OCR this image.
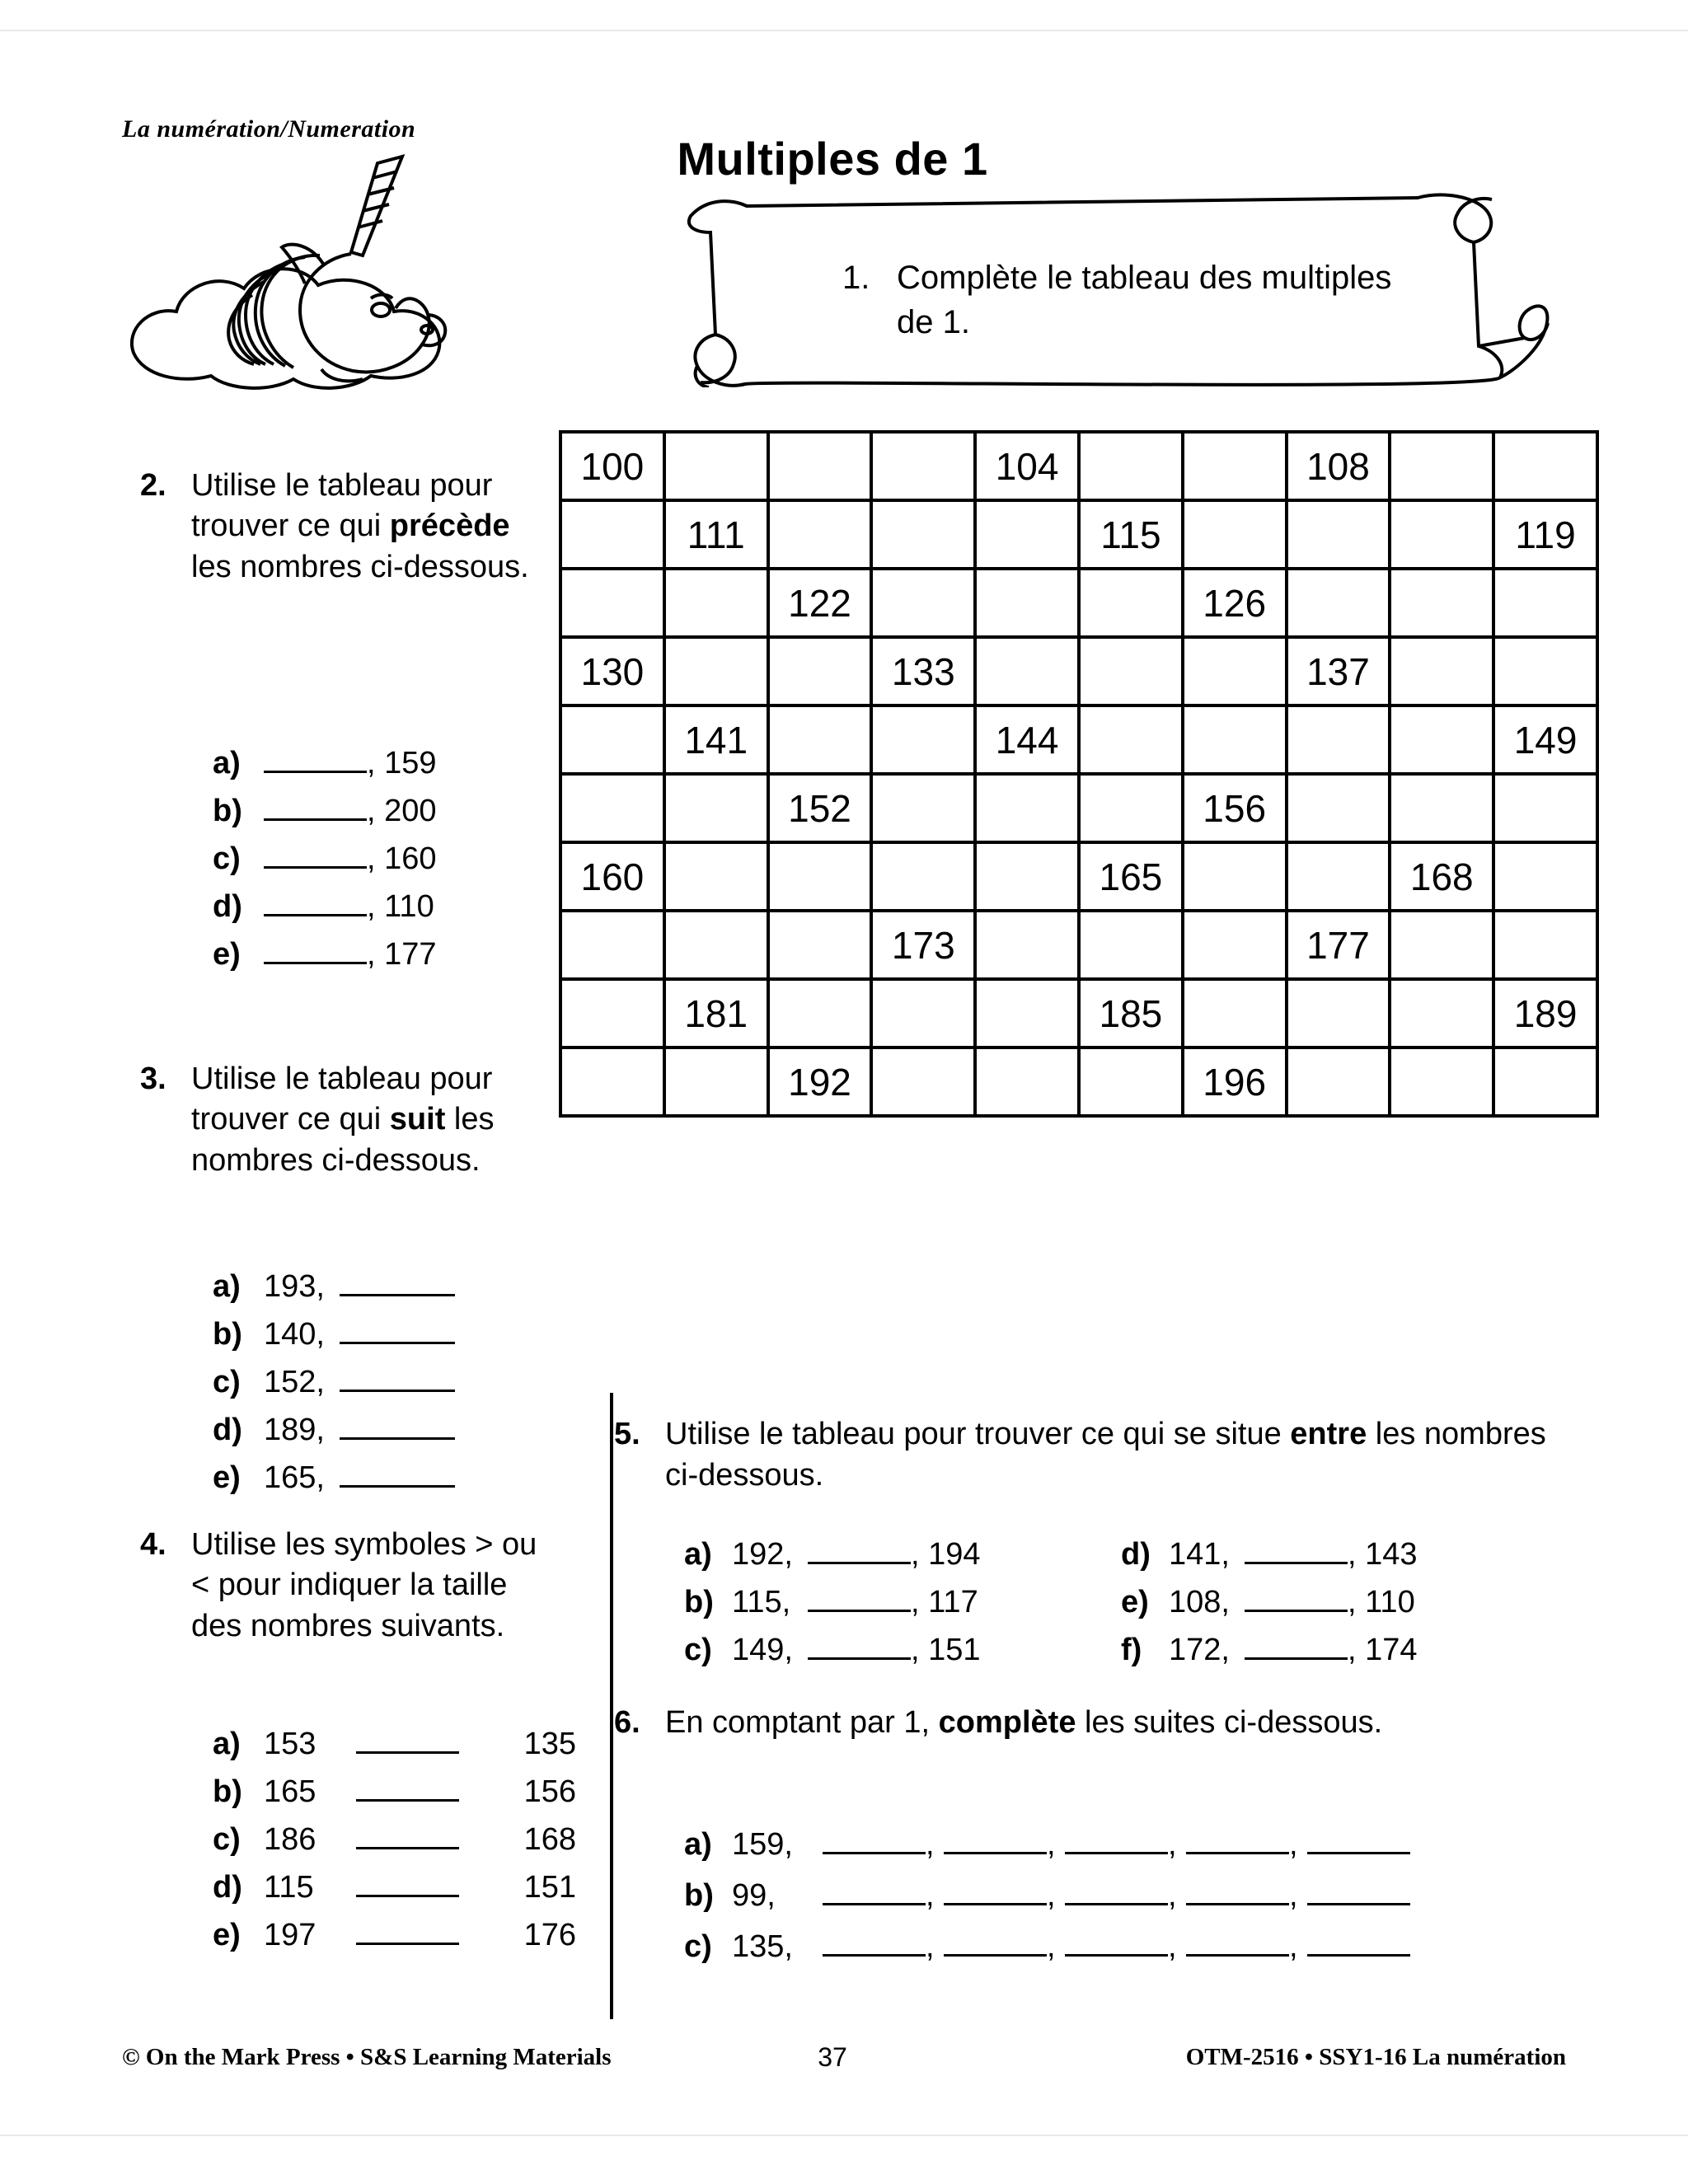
La numération/Numeration
Multiples de 1
1. Complète le tableau des multiples de 1.
100				104			108		
	111				115				119
		122				126			
130			133				137		
	141			144					149
		152				156			
160					165			168	
			173				177		
	181				185				189
		192				196			
2. Utilise le tableau pour trouver ce qui précède les nombres ci-dessous.
a)	, 159
b)	, 200
c)	, 160
d)	, 110
e)	, 177
3. Utilise le tableau pour trouver ce qui suit les nombres ci-dessous.
a) 193,
b) 140,
c) 152,
d) 189,
e) 165,
4. Utilise les symboles > ou < pour indiquer la taille des nombres suivants.
a) 153	135
b) 165	156
c) 186	168
d) 115	151
e) 197	176
5. Utilise le tableau pour trouver ce qui se situe entre les nombres ci-dessous.
a) 192,	, 194	d) 141,	, 143
b) 115,	, 117	e) 108,	, 110
c) 149,	, 151	f) 172,	, 174
6. En comptant par 1, complète les suites ci-dessous.
a) 159,	,	,	,	,
b) 99,	,	,	,	,
c) 135,	,	,	,	,
© On the Mark Press • S&S Learning Materials	37	OTM-2516 • SSY1-16 La numération
